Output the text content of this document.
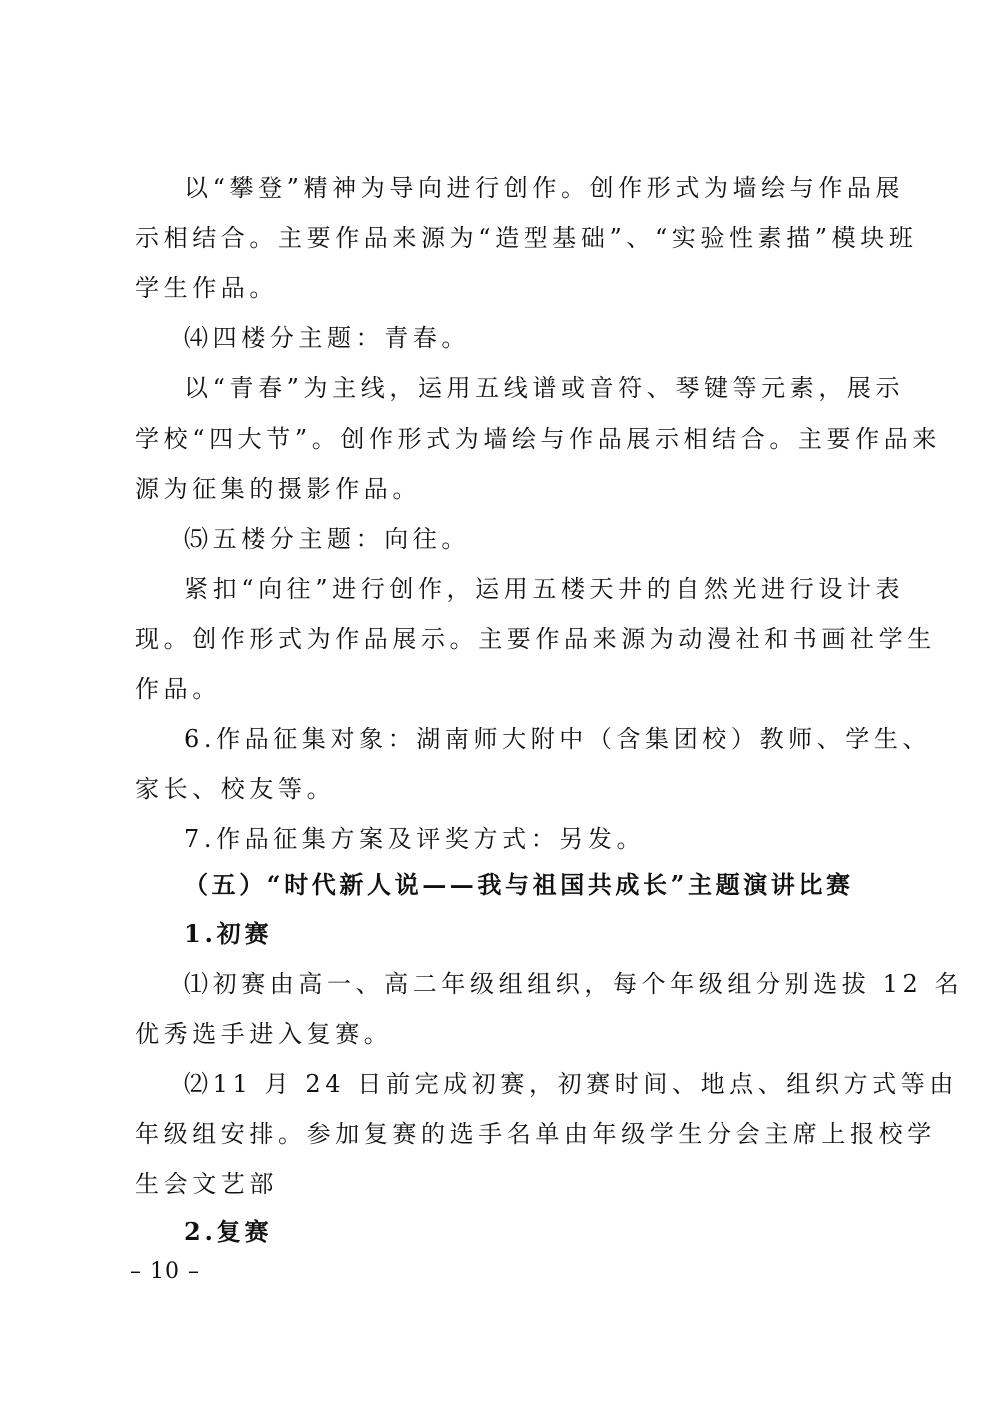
以“攀登”精神为导向进行创作。创作形式为墙绘与作品展
示相结合。主要作品来源为“造型基础”、“实验性素描”模块班
学生作品。
⑷四楼分主题：青春。
以“青春”为主线，运用五线谱或音符、琴键等元素，展示
学校“四大节”。创作形式为墙绘与作品展示相结合。主要作品来
源为征集的摄影作品。
⑸五楼分主题：向往。
紧扣“向往”进行创作，运用五楼天井的自然光进行设计表
现。创作形式为作品展示。主要作品来源为动漫社和书画社学生
作品。
6.作品征集对象：湖南师大附中（含集团校）教师、学生、
家长、校友等。
7.作品征集方案及评奖方式：另发。
（五）“时代新人说——我与祖国共成长”主题演讲比赛
1.初赛
⑴初赛由高一、高二年级组组织，每个年级组分别选拔 12 名
优秀选手进入复赛。
⑵11 月 24 日前完成初赛，初赛时间、地点、组织方式等由
年级组安排。参加复赛的选手名单由年级学生分会主席上报校学
生会文艺部
2.复赛
– 10 –
